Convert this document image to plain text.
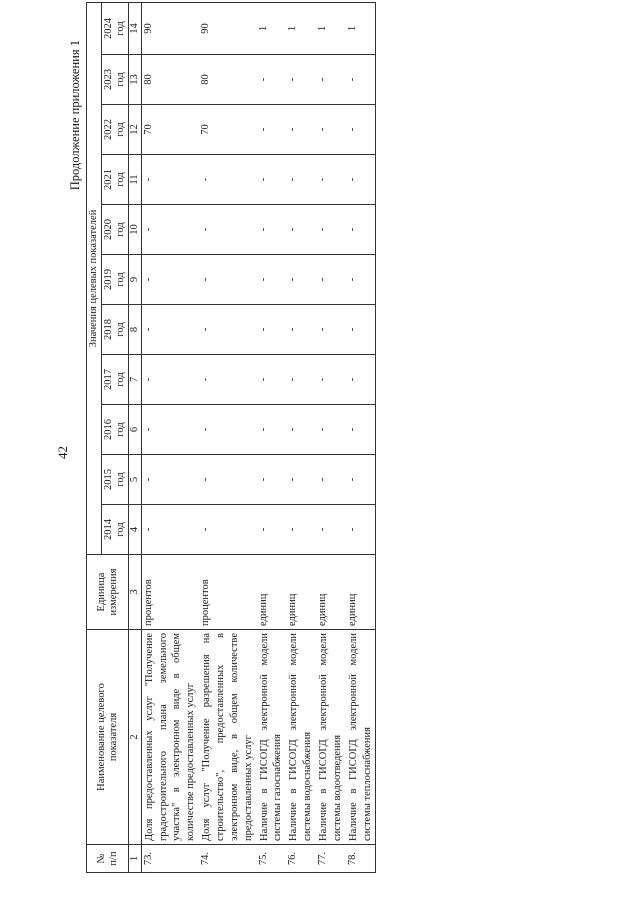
42
Продолжение приложения 1
№
п/п	Наименование целевого
показателя	Единица
измерения	Значения целевых показателей										
			2014
год	2015
год	2016
год	2017
год	2018
год	2019
год	2020
год	2021
год	2022
год	2023
год	2024
год
1	2	3	4	5	6	7	8	9	10	11	12	13	14
73.	Доля предоставленных услуг "Получение градостроительного плана земельного участка" в электронном виде в общем количестве предоставленных услуг	процентов	-	-	-	-	-	-	-	-	70	80	90
74.	Доля услуг "Получение разрешения на строительство", предоставленных в электронном виде, в общем количестве предоставленных услуг	процентов	-	-	-	-	-	-	-	-	70	80	90
75.	Наличие в ГИСОГД электронной модели системы газоснабжения	единиц	-	-	-	-	-	-	-	-	-	-	1
76.	Наличие в ГИСОГД электронной модели системы водоснабжения	единиц	-	-	-	-	-	-	-	-	-	-	1
77.	Наличие в ГИСОГД электронной модели системы водоотведения	единиц	-	-	-	-	-	-	-	-	-	-	1
78.	Наличие в ГИСОГД электронной модели системы теплоснабжения	единиц	-	-	-	-	-	-	-	-	-	-	1
